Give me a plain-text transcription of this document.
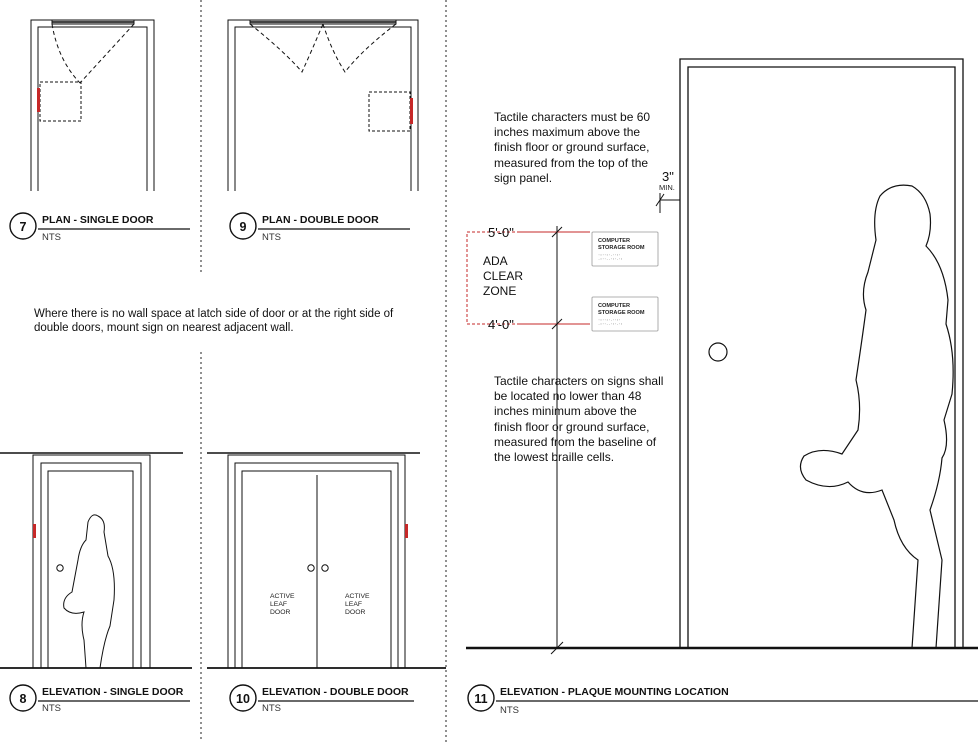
ACTIVE
LEAF
DOOR
ACTIVE
LEAF
DOOR
5'-0"
4'-0"
ADA
CLEAR
ZONE
3"
MIN.
COMPUTER
STORAGE ROOM
·:··:·.··:·
.:··..·:·.·:
COMPUTER
STORAGE ROOM
·:··:·.··:·
.:··..·:·.·:
7 PLAN - SINGLE DOOR
NTS
9 PLAN - DOUBLE DOOR
NTS
8 ELEVATION - SINGLE DOOR
NTS
10 ELEVATION - DOUBLE DOOR
NTS
11 ELEVATION - PLAQUE MOUNTING LOCATION
NTS
Where there is no wall space at latch side of door or at the right side of double doors, mount sign on nearest adjacent wall.
Tactile characters must be 60 inches maximum above the finish floor or ground surface, measured from the top of the sign panel.
Tactile characters on signs shall be located no lower than 48 inches minimum above the finish floor or ground surface, measured from the baseline of the lowest braille cells.
